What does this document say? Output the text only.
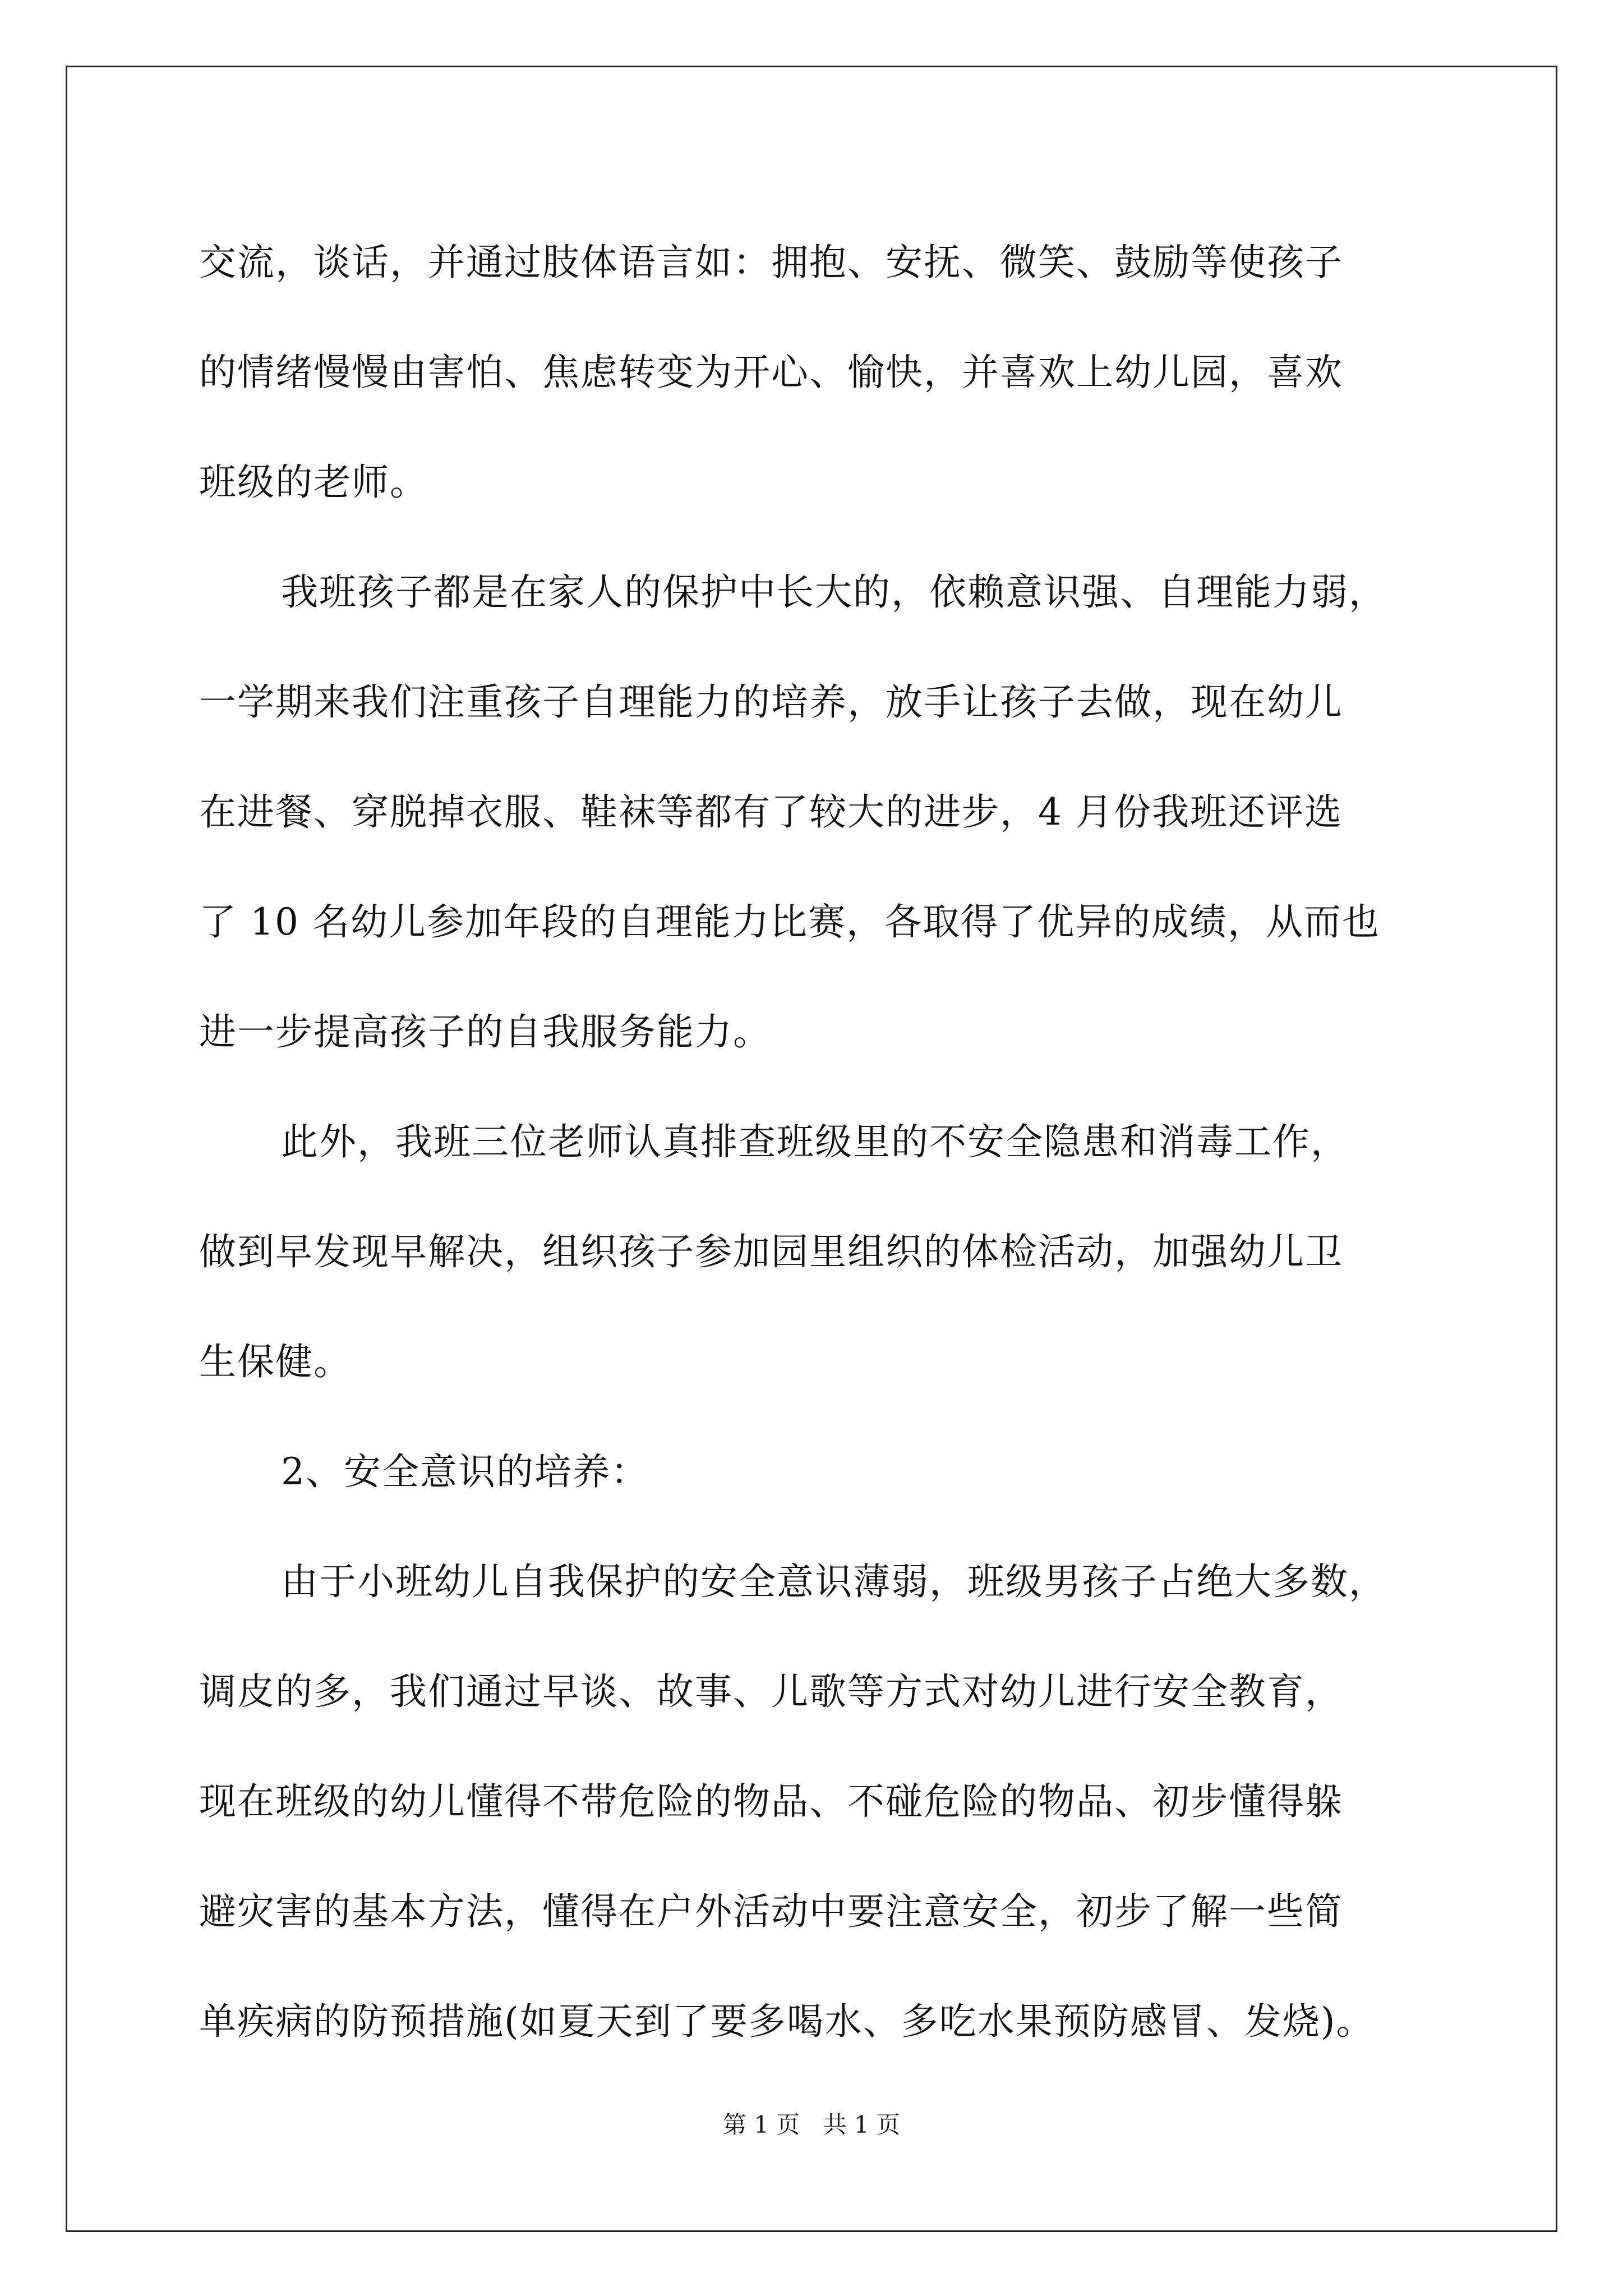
交流，谈话，并通过肢体语言如：拥抱、安抚、微笑、鼓励等使孩子
的情绪慢慢由害怕、焦虑转变为开心、愉快，并喜欢上幼儿园，喜欢
班级的老师。

我班孩子都是在家人的保护中长大的，依赖意识强、自理能力弱，
一学期来我们注重孩子自理能力的培养，放手让孩子去做，现在幼儿
在进餐、穿脱掉衣服、鞋袜等都有了较大的进步，4 月份我班还评选
了 10 名幼儿参加年段的自理能力比赛，各取得了优异的成绩，从而也
进一步提高孩子的自我服务能力。

此外，我班三位老师认真排查班级里的不安全隐患和消毒工作，
做到早发现早解决，组织孩子参加园里组织的体检活动，加强幼儿卫
生保健。

2、安全意识的培养：

由于小班幼儿自我保护的安全意识薄弱，班级男孩子占绝大多数，
调皮的多，我们通过早谈、故事、儿歌等方式对幼儿进行安全教育，
现在班级的幼儿懂得不带危险的物品、不碰危险的物品、初步懂得躲
避灾害的基本方法，懂得在户外活动中要注意安全，初步了解一些简
单疾病的防预措施(如夏天到了要多喝水、多吃水果预防感冒、发烧)。

第 1 页 共 1 页
